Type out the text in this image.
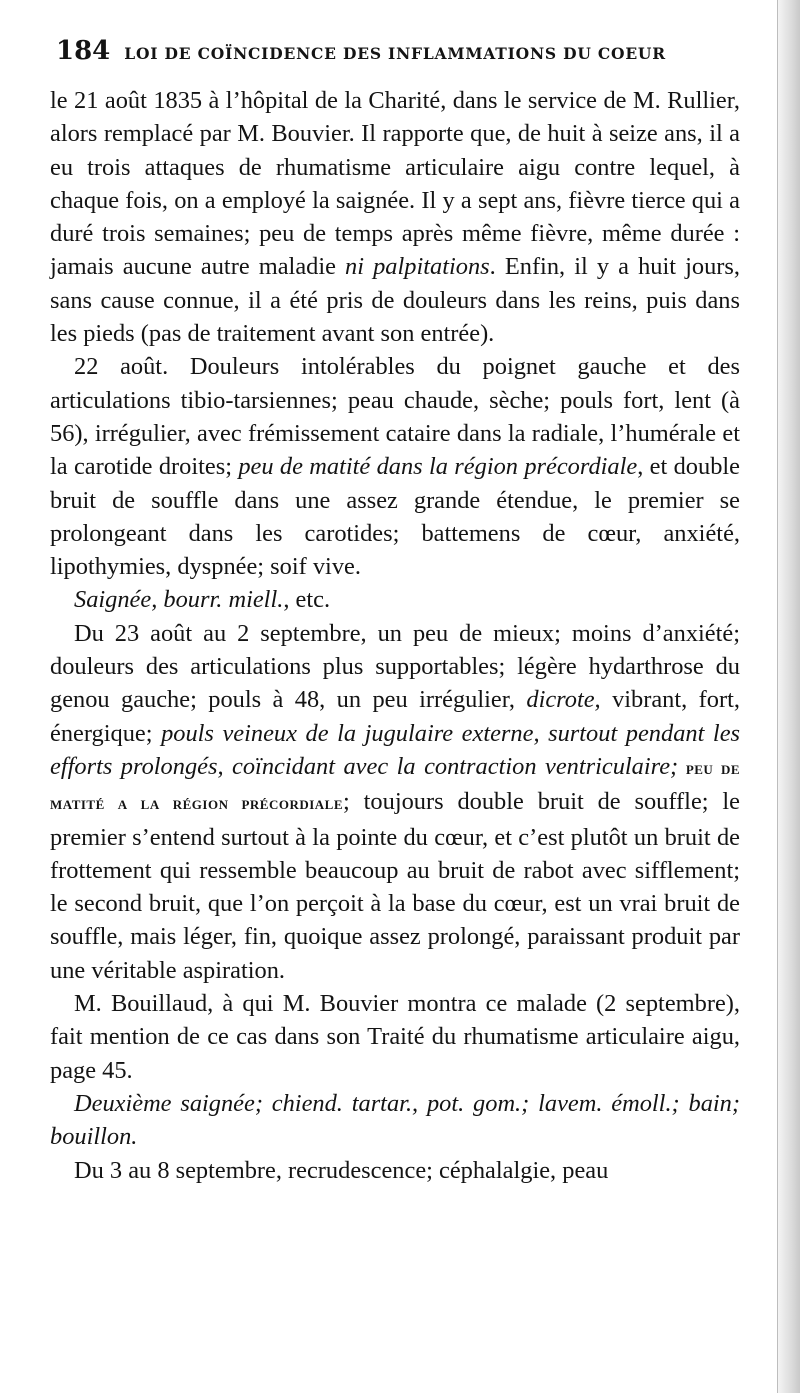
184 LOI DE COÏNCIDENCE DES INFLAMMATIONS DU COEUR

le 21 août 1835 à l’hôpital de la Charité, dans le service de M. Rullier, alors remplacé par M. Bouvier. Il rapporte que, de huit à seize ans, il a eu trois attaques de rhumatisme articulaire aigu contre lequel, à chaque fois, on a employé la saignée. Il y a sept ans, fièvre tierce qui a duré trois semaines; peu de temps après même fièvre, même durée : jamais aucune autre maladie ni palpitations. Enfin, il y a huit jours, sans cause connue, il a été pris de douleurs dans les reins, puis dans les pieds (pas de traitement avant son entrée).

22 août. Douleurs intolérables du poignet gauche et des articulations tibio-tarsiennes; peau chaude, sèche; pouls fort, lent (à 56), irrégulier, avec frémissement cataire dans la radiale, l’humérale et la carotide droites; peu de matité dans la région précordiale, et double bruit de souffle dans une assez grande étendue, le premier se prolongeant dans les carotides; battemens de cœur, anxiété, lipothymies, dyspnée; soif vive.

Saignée, bourr. miell., etc.

Du 23 août au 2 septembre, un peu de mieux; moins d’anxiété; douleurs des articulations plus supportables; légère hydarthrose du genou gauche; pouls à 48, un peu irrégulier, dicrote, vibrant, fort, énergique; pouls veineux de la jugulaire externe, surtout pendant les efforts prolongés, coïncidant avec la contraction ventriculaire; peu de matité a la région précordiale; toujours double bruit de souffle; le premier s’entend surtout à la pointe du cœur, et c’est plutôt un bruit de frottement qui ressemble beaucoup au bruit de rabot avec sifflement; le second bruit, que l’on perçoit à la base du cœur, est un vrai bruit de souffle, mais léger, fin, quoique assez prolongé, paraissant produit par une véritable aspiration.

M. Bouillaud, à qui M. Bouvier montra ce malade (2 septembre), fait mention de ce cas dans son Traité du rhumatisme articulaire aigu, page 45.

Deuxième saignée; chiend. tartar., pot. gom.; lavem. émoll.; bain; bouillon.

Du 3 au 8 septembre, recrudescence; céphalalgie, peau
